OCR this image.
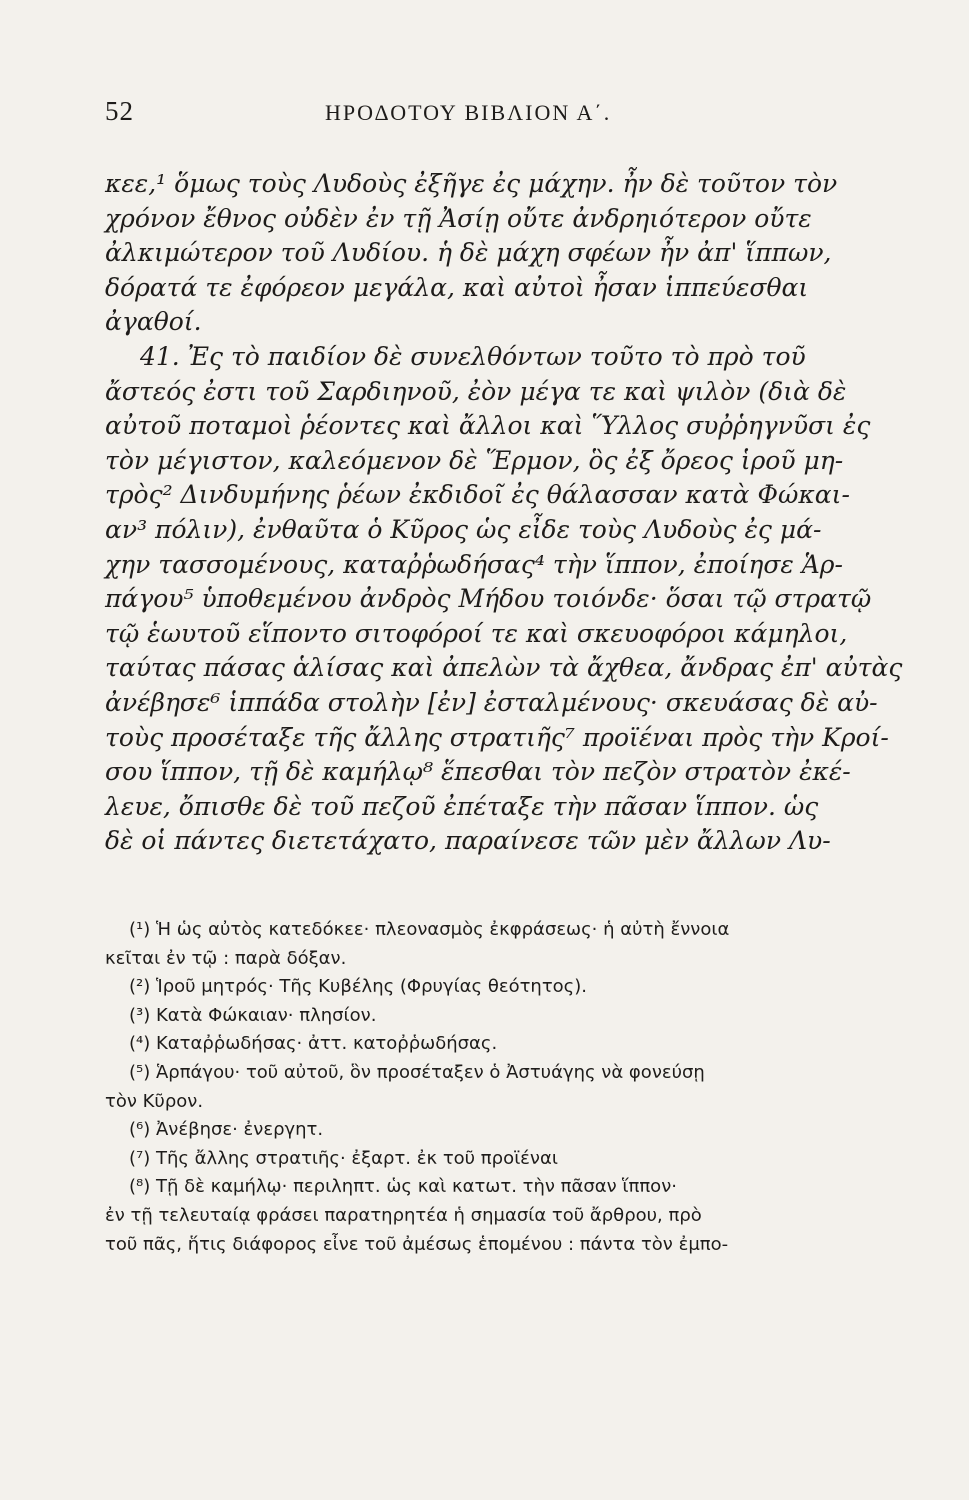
52	ΗΡΟΔΟΤΟΥ ΒΙΒΛΙΟΝ Α΄.
κεε,¹ ὅμως τοὺς Λυδοὺς ἐξῆγε ἐς μάχην. ἦν δὲ τοῦτον τὸν
χρόνον ἔθνος οὐδὲν ἐν τῇ Ἀσίῃ οὔτε ἀνδρηιότερον οὔτε
ἀλκιμώτερον τοῦ Λυδίου. ἡ δὲ μάχη σφέων ἦν ἀπ' ἵππων,
δόρατά τε ἐφόρεον μεγάλα, καὶ αὐτοὶ ἦσαν ἱππεύεσθαι
ἀγαθοί.
41. Ἐς τὸ παιδίον δὲ συνελθόντων τοῦτο τὸ πρὸ τοῦ
ἄστεός ἐστι τοῦ Σαρδιηνοῦ, ἐὸν μέγα τε καὶ ψιλὸν (διὰ δὲ
αὐτοῦ ποταμοὶ ῥέοντες καὶ ἄλλοι καὶ Ὕλλος συῤῥηγνῦσι ἐς
τὸν μέγιστον, καλεόμενον δὲ Ἕρμον, ὃς ἐξ ὄρεος ἱροῦ μη-
τρὸς² Δινδυμήνης ῥέων ἐκδιδοῖ ἐς θάλασσαν κατὰ Φώκαι-
αν³ πόλιν), ἐνθαῦτα ὁ Κῦρος ὡς εἶδε τοὺς Λυδοὺς ἐς μά-
χην τασσομένους, καταῤῥωδήσας⁴ τὴν ἵππον, ἐποίησε Ἁρ-
πάγου⁵ ὑποθεμένου ἀνδρὸς Μήδου τοιόνδε· ὅσαι τῷ στρατῷ
τῷ ἑωυτοῦ εἵποντο σιτοφόροί τε καὶ σκευοφόροι κάμηλοι,
ταύτας πάσας ἁλίσας καὶ ἀπελὼν τὰ ἄχθεα, ἄνδρας ἐπ' αὐτὰς
ἀνέβησε⁶ ἱππάδα στολὴν [ἐν] ἐσταλμένους· σκευάσας δὲ αὐ-
τοὺς προσέταξε τῆς ἄλλης στρατιῆς⁷ προϊέναι πρὸς τὴν Κροί-
σου ἵππον, τῇ δὲ καμήλῳ⁸ ἕπεσθαι τὸν πεζὸν στρατὸν ἐκέ-
λευε, ὄπισθε δὲ τοῦ πεζοῦ ἐπέταξε τὴν πᾶσαν ἵππον. ὡς
δὲ οἱ πάντες διετετάχατο, παραίνεσε τῶν μὲν ἄλλων Λυ-
(¹) Ἡ ὡς αὐτὸς κατεδόκεε· πλεονασμὸς ἐκφράσεως· ἡ αὐτὴ ἔννοια
κεῖται ἐν τῷ : παρὰ δόξαν.
(²) Ἱροῦ μητρός· Τῆς Κυβέλης (Φρυγίας θεότητος).
(³) Κατὰ Φώκαιαν· πλησίον.
(⁴) Καταῤῥωδήσας· ἀττ. κατοῤῥωδήσας.
(⁵) Ἁρπάγου· τοῦ αὐτοῦ, ὃν προσέταξεν ὁ Ἀστυάγης νὰ φονεύσῃ
τὸν Κῦρον.
(⁶) Ἀνέβησε· ἐνεργητ.
(⁷) Τῆς ἄλλης στρατιῆς· ἐξαρτ. ἐκ τοῦ προϊέναι
(⁸) Τῇ δὲ καμήλῳ· περιληπτ. ὡς καὶ κατωτ. τὴν πᾶσαν ἵππον·
ἐν τῇ τελευταίᾳ φράσει παρατηρητέα ἡ σημασία τοῦ ἄρθρου, πρὸ
τοῦ πᾶς, ἥτις διάφορος εἶνε τοῦ ἀμέσως ἑπομένου : πάντα τὸν ἐμπο-
